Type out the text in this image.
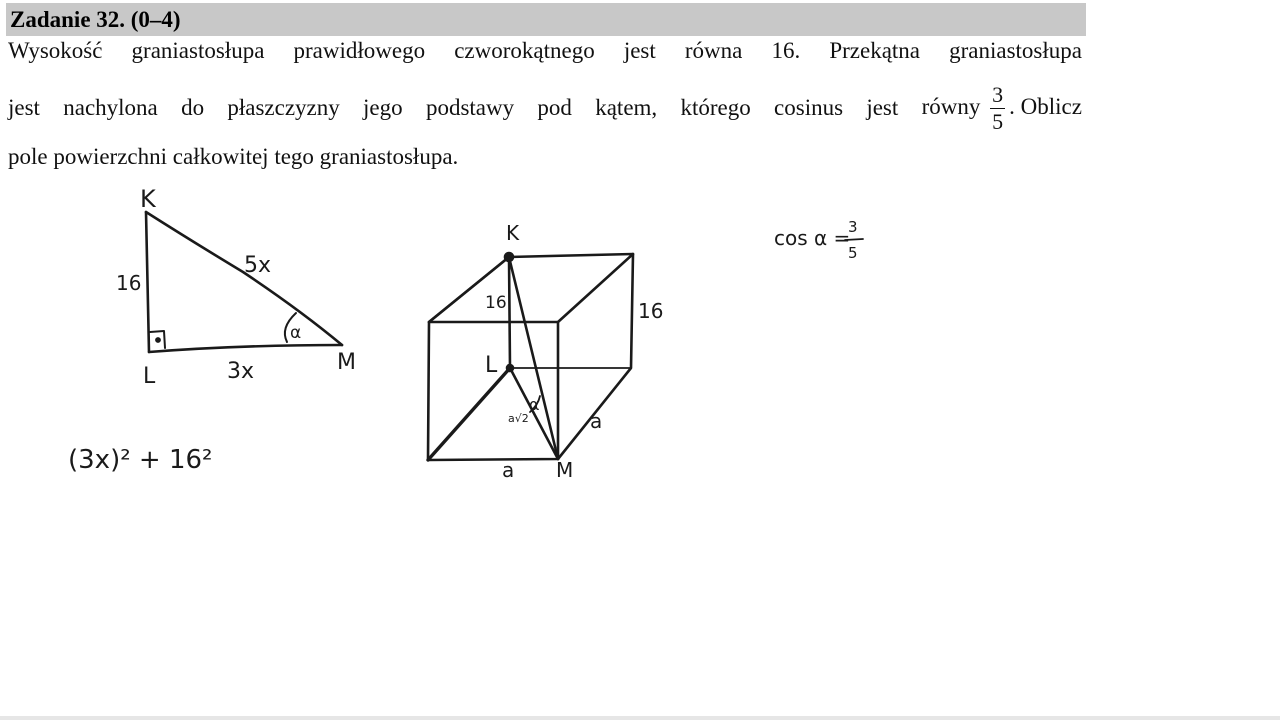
Zadanie 32. (0–4)
Wysokość graniastosłupa prawidłowego czworokątnego jest równa 16. Przekątna graniastosłupa
jest nachylona do płaszczyzny jego podstawy pod kątem, którego cosinus jest równy $\frac{3}{5}$ . Oblicz
pole powierzchni całkowitej tego graniastosłupa.
K
L
M
16
5x
3x
α
(3x)² + 16²
K
L
M
16	16
a√2
α
a
a
cos α =
3
5
